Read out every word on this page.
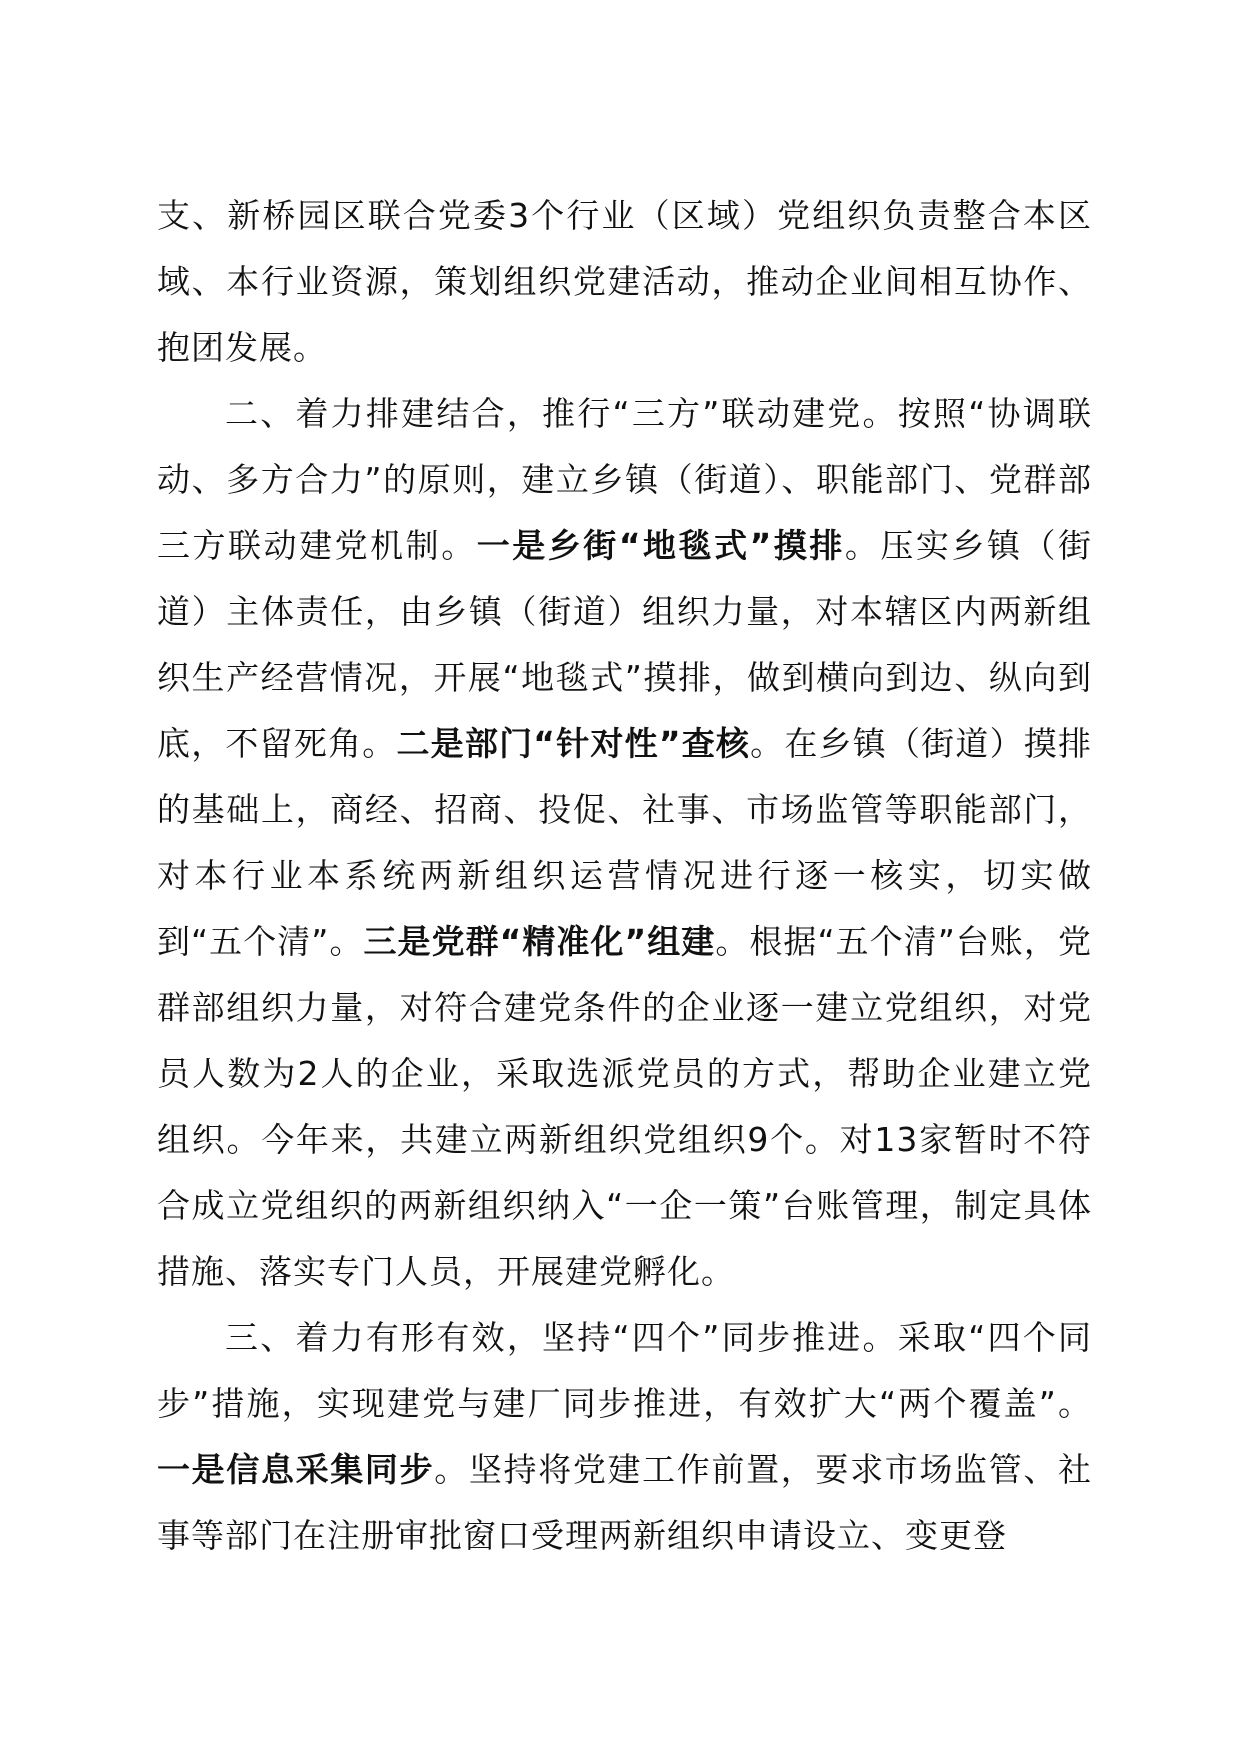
支、新桥园区联合党委3个行业（区域）党组织负责整合本区域、本行业资源，策划组织党建活动，推动企业间相互协作、抱团发展。

二、着力排建结合，推行“三方”联动建党。按照“协调联动、多方合力”的原则，建立乡镇（街道）、职能部门、党群部三方联动建党机制。一是乡街“地毯式”摸排。压实乡镇（街道）主体责任，由乡镇（街道）组织力量，对本辖区内两新组织生产经营情况，开展“地毯式”摸排，做到横向到边、纵向到底，不留死角。二是部门“针对性”查核。在乡镇（街道）摸排的基础上，商经、招商、投促、社事、市场监管等职能部门，对本行业本系统两新组织运营情况进行逐一核实，切实做到“五个清”。三是党群“精准化”组建。根据“五个清”台账，党群部组织力量，对符合建党条件的企业逐一建立党组织，对党员人数为2人的企业，采取选派党员的方式，帮助企业建立党组织。今年来，共建立两新组织党组织9个。对13家暂时不符合成立党组织的两新组织纳入“一企一策”台账管理，制定具体措施、落实专门人员，开展建党孵化。

三、着力有形有效，坚持“四个”同步推进。采取“四个同步”措施，实现建党与建厂同步推进，有效扩大“两个覆盖”。一是信息采集同步。坚持将党建工作前置，要求市场监管、社事等部门在注册审批窗口受理两新组织申请设立、变更登
